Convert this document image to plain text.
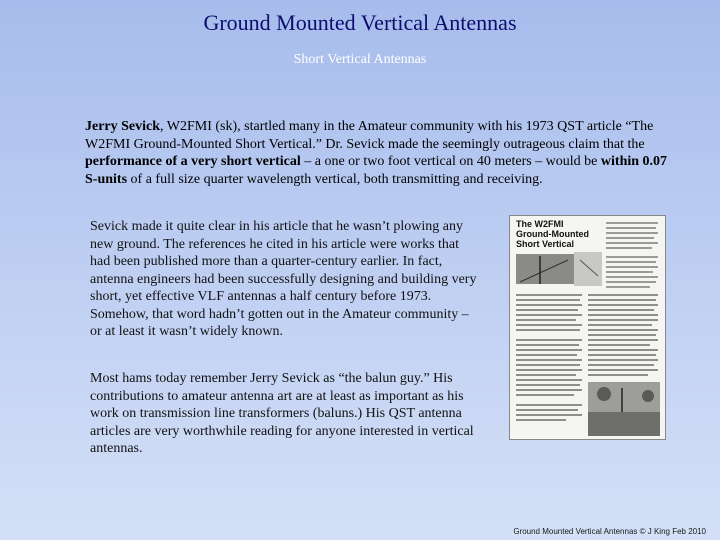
Ground Mounted Vertical Antennas
Short Vertical Antennas
Jerry Sevick, W2FMI (sk), startled many in the Amateur community with his 1973 QST article “The W2FMI Ground-Mounted Short Vertical.” Dr. Sevick made the seemingly outrageous claim that the performance of a very short vertical – a one or two foot vertical on 40 meters – would be within 0.07 S-units of a full size quarter wavelength vertical, both transmitting and receiving.
Sevick made it quite clear in his article that he wasn’t plowing any new ground. The references he cited in his article were works that had been published more than a quarter-century earlier. In fact, antenna engineers had been successfully designing and building very short, yet effective VLF antennas a half century before 1973. Somehow, that word hadn’t gotten out in the Amateur community – or at least it wasn’t widely known.
Most hams today remember Jerry Sevick as “the balun guy.” His contributions to amateur antenna art are at least as important as his work on transmission line transformers (baluns.) His QST antenna articles are very worthwhile reading for anyone interested in vertical antennas.
The W2FMI
Ground-Mounted
Short Vertical
Ground Mounted Vertical Antennas © J King Feb 2010
